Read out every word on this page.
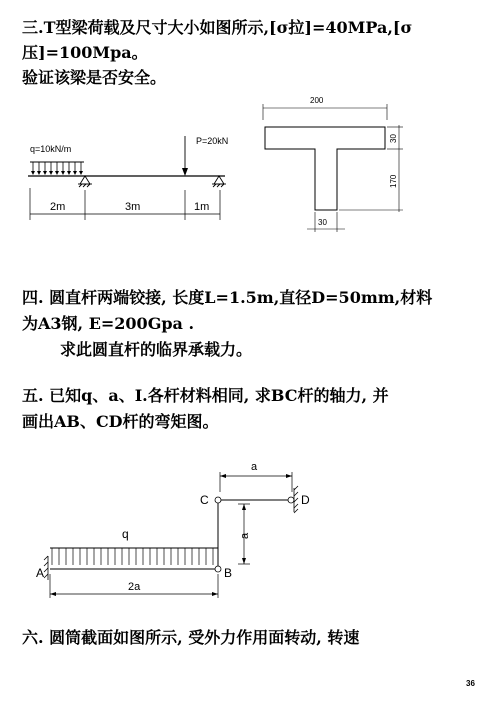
三.T型梁荷载及尺寸大小如图所示,[σ拉]=40MPa,[σ
压]=100Mpa。
验证该梁是否安全。
q=10kN/m
P=20kN
2m	3m	1m
200
30
170
30
四. 圆直杆两端铰接, 长度L=1.5m,直径D=50mm,材料
为A3钢, E=200Gpa .
求此圆直杆的临界承载力。
五. 已知q、a、I.各杆材料相同, 求BC杆的轴力, 并
画出AB、CD杆的弯矩图。
a
C	D
a
q
B
A
2a
六. 圆筒截面如图所示, 受外力作用面转动, 转速
36
